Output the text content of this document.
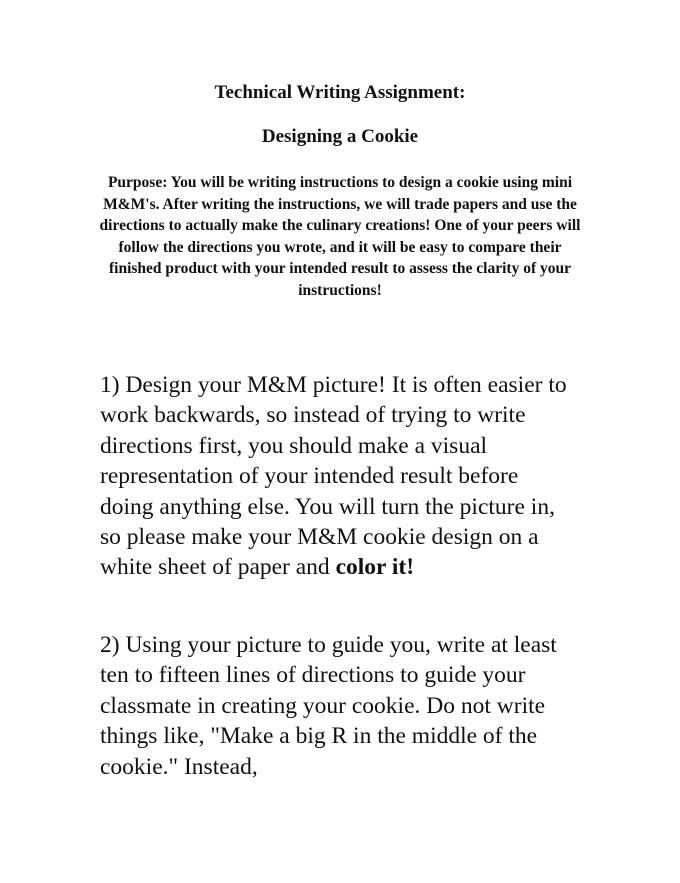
Technical Writing Assignment:
Designing a Cookie

Purpose: You will be writing instructions to design a cookie using mini M&M's. After writing the instructions, we will trade papers and use the directions to actually make the culinary creations! One of your peers will follow the directions you wrote, and it will be easy to compare their finished product with your intended result to assess the clarity of your instructions!

1) Design your M&M picture! It is often easier to work backwards, so instead of trying to write directions first, you should make a visual representation of your intended result before doing anything else. You will turn the picture in, so please make your M&M cookie design on a white sheet of paper and color it!

2) Using your picture to guide you, write at least ten to fifteen lines of directions to guide your classmate in creating your cookie. Do not write things like, "Make a big R in the middle of the cookie." Instead,
